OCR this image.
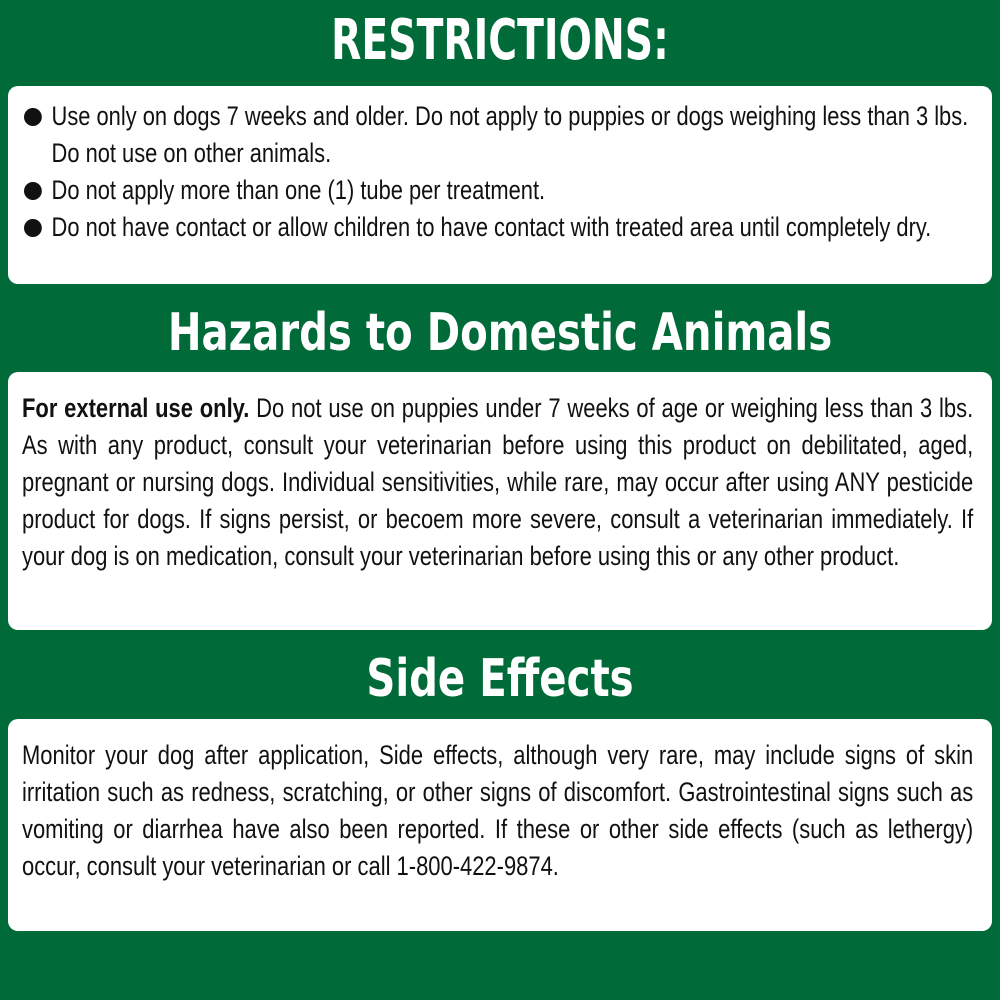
RESTRICTIONS:
Use only on dogs 7 weeks and older. Do not apply to puppies or dogs weighing less than 3 lbs. Do not use on other animals.
Do not apply more than one (1) tube per treatment.
Do not have contact or allow children to have contact with treated area until completely dry.
Hazards to Domestic Animals

For external use only. Do not use on puppies under 7 weeks of age or weighing less than 3 lbs. As with any product, consult your veterinarian before using this product on debilitated, aged, pregnant or nursing dogs. Individual sensitivities, while rare, may occur after using ANY pesticide product for dogs. If signs persist, or becoem more severe, consult a veterinarian immediately. If your dog is on medication, consult your veterinarian before using this or any other product.

Side Effects

Monitor your dog after application, Side effects, although very rare, may include signs of skin irritation such as redness, scratching, or other signs of discomfort. Gastrointestinal signs such as vomiting or diarrhea have also been reported. If these or other side effects (such as lethergy) occur, consult your veterinarian or call 1-800-422-9874.
